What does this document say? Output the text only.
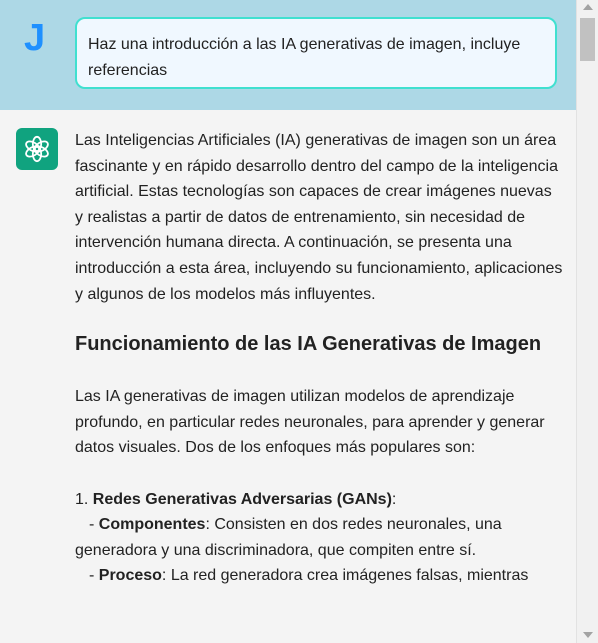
J	Haz una introducción a las IA generativas de imagen, incluye referencias

Las Inteligencias Artificiales (IA) generativas de imagen son un área fascinante y en rápido desarrollo dentro del campo de la inteligencia artificial. Estas tecnologías son capaces de crear imágenes nuevas y realistas a partir de datos de entrenamiento, sin necesidad de intervención humana directa. A continuación, se presenta una introducción a esta área, incluyendo su funcionamiento, aplicaciones y algunos de los modelos más influyentes.

Funcionamiento de las IA Generativas de Imagen

Las IA generativas de imagen utilizan modelos de aprendizaje profundo, en particular redes neuronales, para aprender y generar datos visuales. Dos de los enfoques más populares son:

1. Redes Generativas Adversarias (GANs):

- Componentes: Consisten en dos redes neuronales, una generadora y una discriminadora, que compiten entre sí.

- Proceso: La red generadora crea imágenes falsas, mientras
